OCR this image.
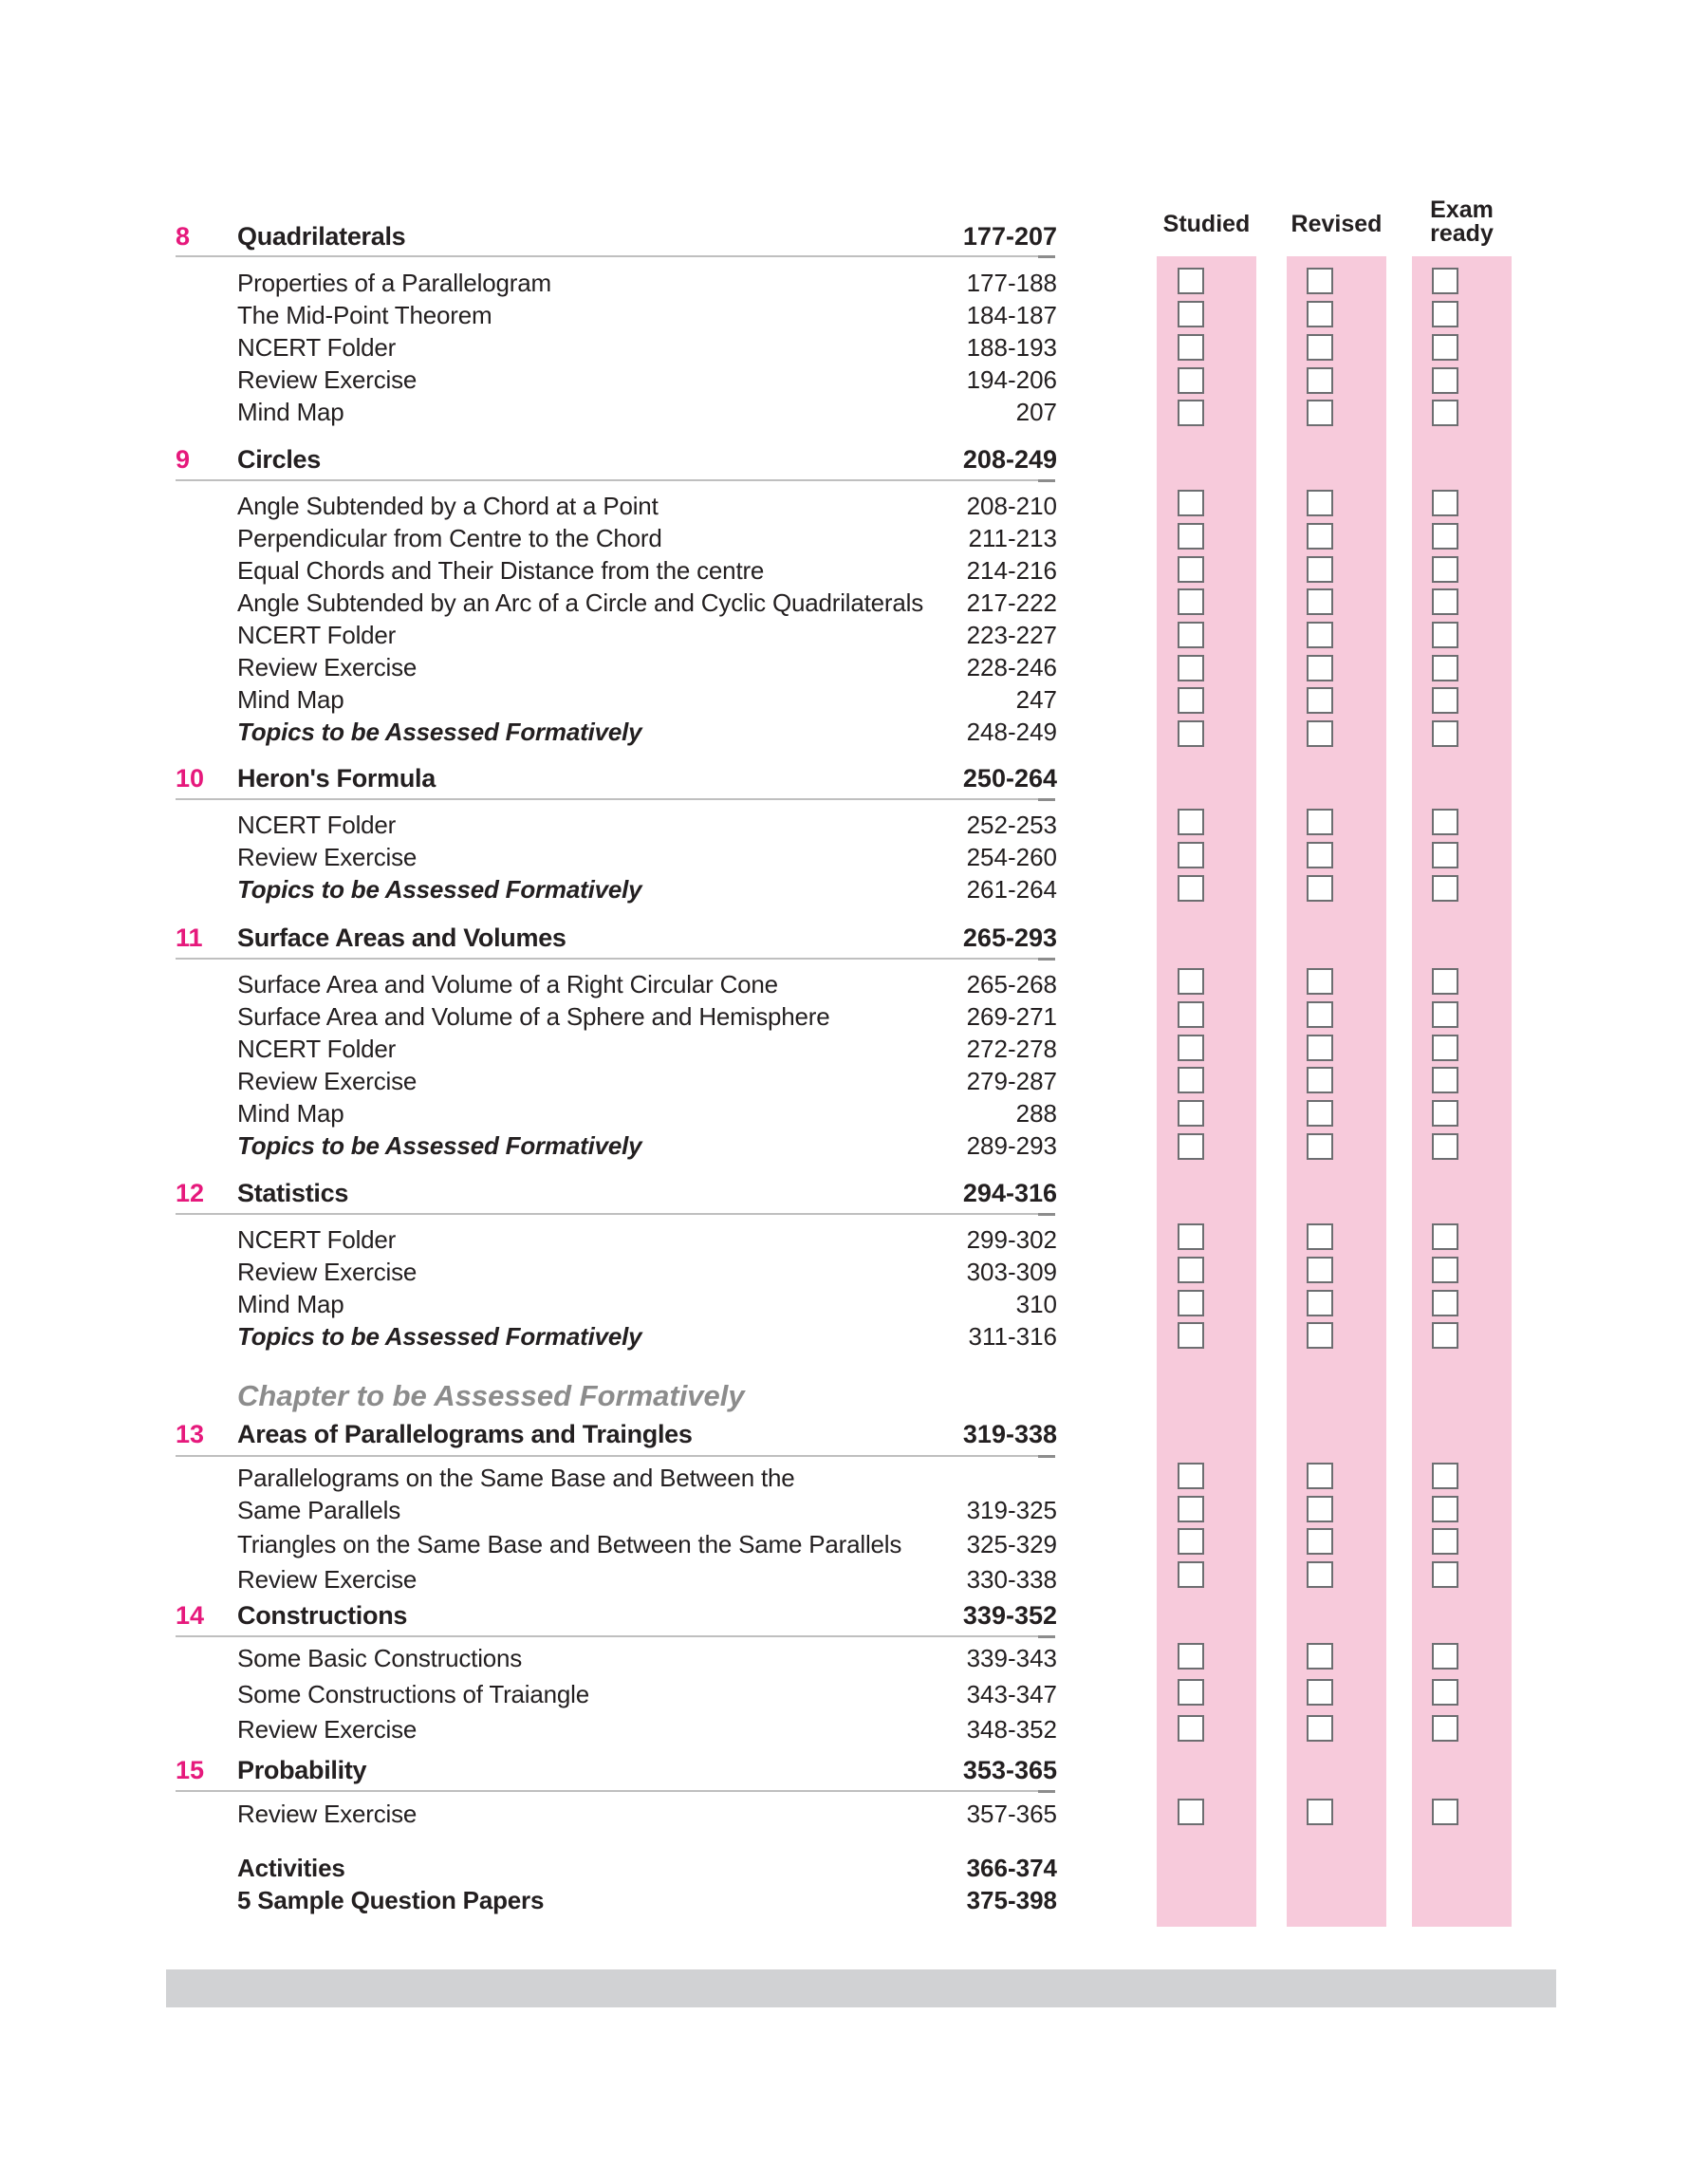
Studied Revised
Exam
ready
8 Quadrilaterals	177-207
Properties of a Parallelogram	177-188
The Mid-Point Theorem	184-187
NCERT Folder	188-193
Review Exercise	194-206
Mind Map	207
9 Circles	208-249
Angle Subtended by a Chord at a Point	208-210
Perpendicular from Centre to the Chord	211-213
Equal Chords and Their Distance from the centre	214-216
Angle Subtended by an Arc of a Circle and Cyclic Quadrilaterals 217-222
NCERT Folder	223-227
Review Exercise	228-246
Mind Map	247
Topics to be Assessed Formatively	248-249
10 Heron's Formula	250-264
NCERT Folder	252-253
Review Exercise	254-260
Topics to be Assessed Formatively	261-264
11 Surface Areas and Volumes	265-293
Surface Area and Volume of a Right Circular Cone	265-268
Surface Area and Volume of a Sphere and Hemisphere	269-271
NCERT Folder	272-278
Review Exercise	279-287
Mind Map	288
Topics to be Assessed Formatively	289-293
12 Statistics	294-316
NCERT Folder	299-302
Review Exercise	303-309
Mind Map	310
Topics to be Assessed Formatively	311-316
13 Areas of Parallelograms and Traingles	319-338
Parallelograms on the Same Base and Between the
Same Parallels	319-325
Triangles on the Same Base and Between the Same Parallels	325-329
Review Exercise	330-338
14 Constructions	339-352
Some Basic Constructions	339-343
Some Constructions of Traiangle	343-347
Review Exercise	348-352
15 Probability	353-365
Review Exercise	357-365
Chapter to be Assessed Formatively
Activities	366-374
5 Sample Question Papers	375-398
